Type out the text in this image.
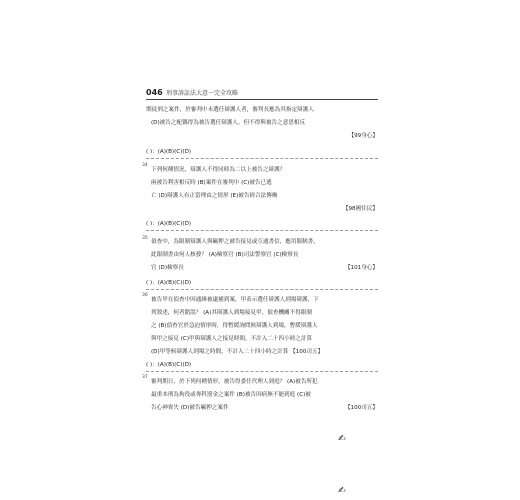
046 刑事訴訟法大意一完全攻略
期徒刑之案件，於審判中未選任辯護人者，審判長應為其指定辯護人
(D)被告之配偶得為被告選任辯護人，但不得與被告之意思相反
【99身心】
( )：(A)(B)(C)(D)
34
下列何種情況，辯護人不得同時為二以上被告之辯護？
兩被告利害相反時 (B)案件在審判中 (C)被告已逃
亡 (D)辯護人有正當理由之情形 (E)被告經合法傳喚
【98國住民】
( )：(A)(B)(C)(D)
35
偵查中，為限制辯護人與羈押之被告接見或互通書信，應用限制書，
此限制書由何人核發？ (A)檢察官 (B)司法警察官 (C)檢察長
官 (D)檢察長	【101身心】
( )：(A)(B)(C)(D)
36
被告甲在偵查中因通緝被逮捕到案，甲表示選任辯護人到場辯護，下
列敘述，何者錯誤？ (A)其辯護人到場接見甲，偵查機關不得限制
之 (B)偵查官於急迫情形時，得暫緩詢問候辯護人到場，暫緩辯護人
與甲之接見 (C)甲與辯護人之接見時間，不計入二十四小時之計算
(D)甲等候辯護人到場之時間，不計入二十四小時之計算 【100司五】
( )：(A)(B)(C)(D)
37
審判期日，於下列何種情形，被告得委任代理人到庭？ (A)被告所犯
最重本刑為拘役或專科罰金之案件 (B)被告因病無不能到庭 (C)被
告心神喪失 (D)被告羈押之案件	【100司五】
✍
✍
